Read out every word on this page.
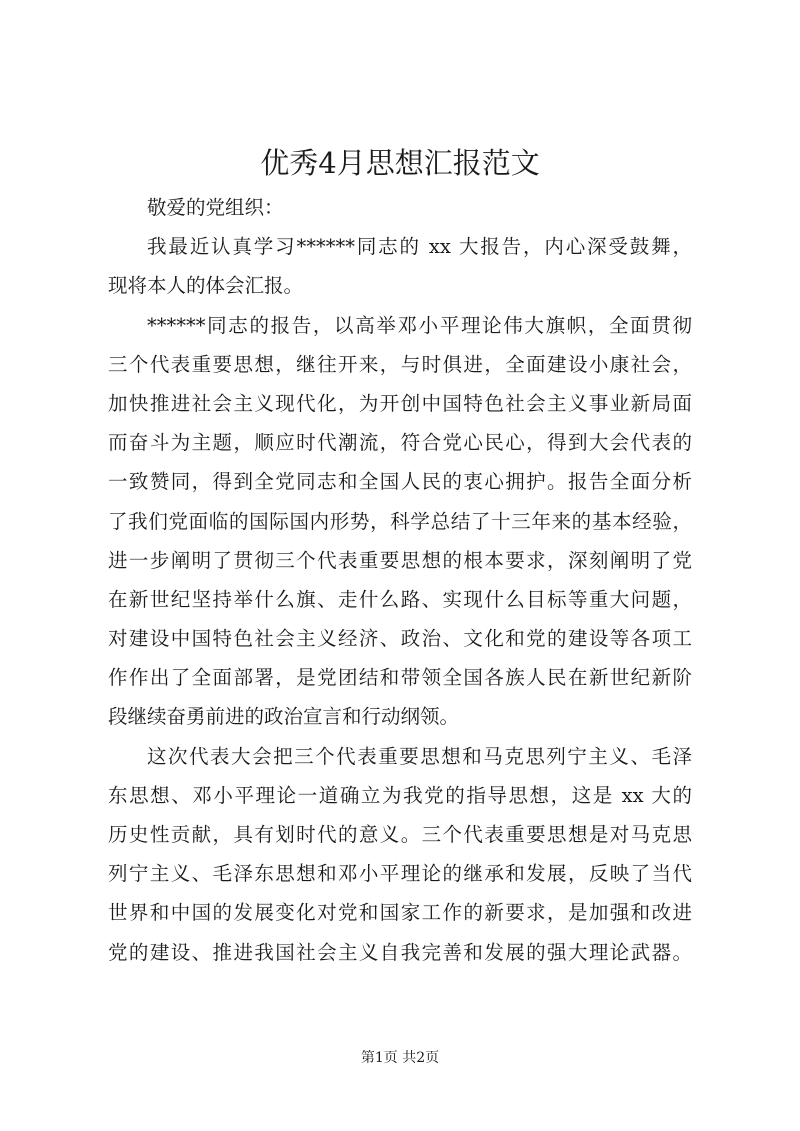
优秀4月思想汇报范文
敬爱的党组织：
我最近认真学习******同志的 xx 大报告，内心深受鼓舞，
现将本人的体会汇报。
******同志的报告，以高举邓小平理论伟大旗帜，全面贯彻
三个代表重要思想，继往开来，与时俱进，全面建设小康社会，
加快推进社会主义现代化，为开创中国特色社会主义事业新局面
而奋斗为主题，顺应时代潮流，符合党心民心，得到大会代表的
一致赞同，得到全党同志和全国人民的衷心拥护。报告全面分析
了我们党面临的国际国内形势，科学总结了十三年来的基本经验，
进一步阐明了贯彻三个代表重要思想的根本要求，深刻阐明了党
在新世纪坚持举什么旗、走什么路、实现什么目标等重大问题，
对建设中国特色社会主义经济、政治、文化和党的建设等各项工
作作出了全面部署，是党团结和带领全国各族人民在新世纪新阶
段继续奋勇前进的政治宣言和行动纲领。
这次代表大会把三个代表重要思想和马克思列宁主义、毛泽
东思想、邓小平理论一道确立为我党的指导思想，这是 xx 大的
历史性贡献，具有划时代的意义。三个代表重要思想是对马克思
列宁主义、毛泽东思想和邓小平理论的继承和发展，反映了当代
世界和中国的发展变化对党和国家工作的新要求，是加强和改进
党的建设、推进我国社会主义自我完善和发展的强大理论武器。
第1页 共2页
